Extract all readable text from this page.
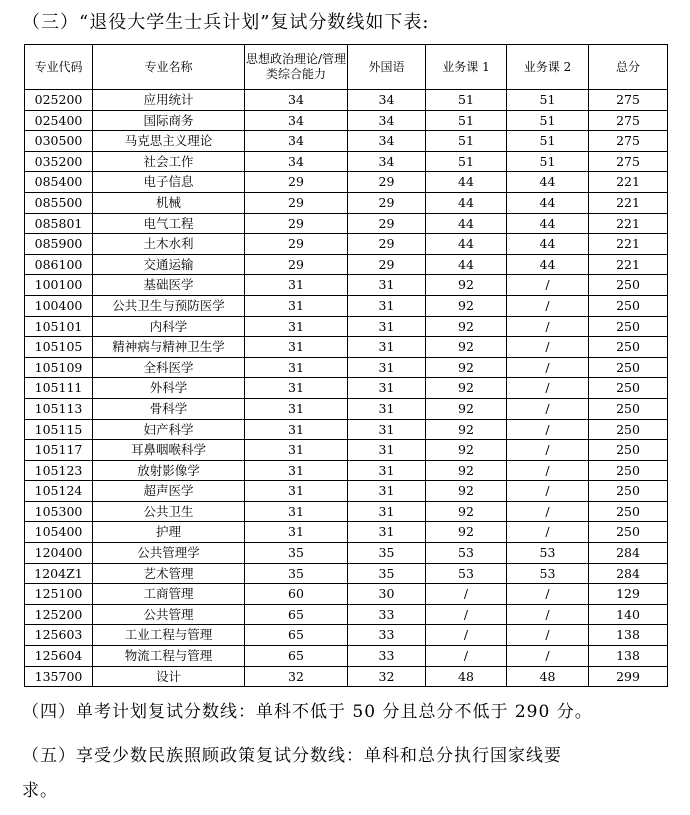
（三）“退役大学生士兵计划”复试分数线如下表:
专业代码	专业名称	思想政治理论/管理类综合能力	外国语	业务课 1	业务课 2	总分
025200	应用统计	34	34	51	51	275
025400	国际商务	34	34	51	51	275
030500	马克思主义理论	34	34	51	51	275
035200	社会工作	34	34	51	51	275
085400	电子信息	29	29	44	44	221
085500	机械	29	29	44	44	221
085801	电气工程	29	29	44	44	221
085900	土木水利	29	29	44	44	221
086100	交通运输	29	29	44	44	221
100100	基础医学	31	31	92	/	250
100400	公共卫生与预防医学	31	31	92	/	250
105101	内科学	31	31	92	/	250
105105	精神病与精神卫生学	31	31	92	/	250
105109	全科医学	31	31	92	/	250
105111	外科学	31	31	92	/	250
105113	骨科学	31	31	92	/	250
105115	妇产科学	31	31	92	/	250
105117	耳鼻咽喉科学	31	31	92	/	250
105123	放射影像学	31	31	92	/	250
105124	超声医学	31	31	92	/	250
105300	公共卫生	31	31	92	/	250
105400	护理	31	31	92	/	250
120400	公共管理学	35	35	53	53	284
1204Z1	艺术管理	35	35	53	53	284
125100	工商管理	60	30	/	/	129
125200	公共管理	65	33	/	/	140
125603	工业工程与管理	65	33	/	/	138
125604	物流工程与管理	65	33	/	/	138
135700	设计	32	32	48	48	299
（四）单考计划复试分数线：单科不低于 50 分且总分不低于 290 分。
（五）享受少数民族照顾政策复试分数线：单科和总分执行国家线要
求。
